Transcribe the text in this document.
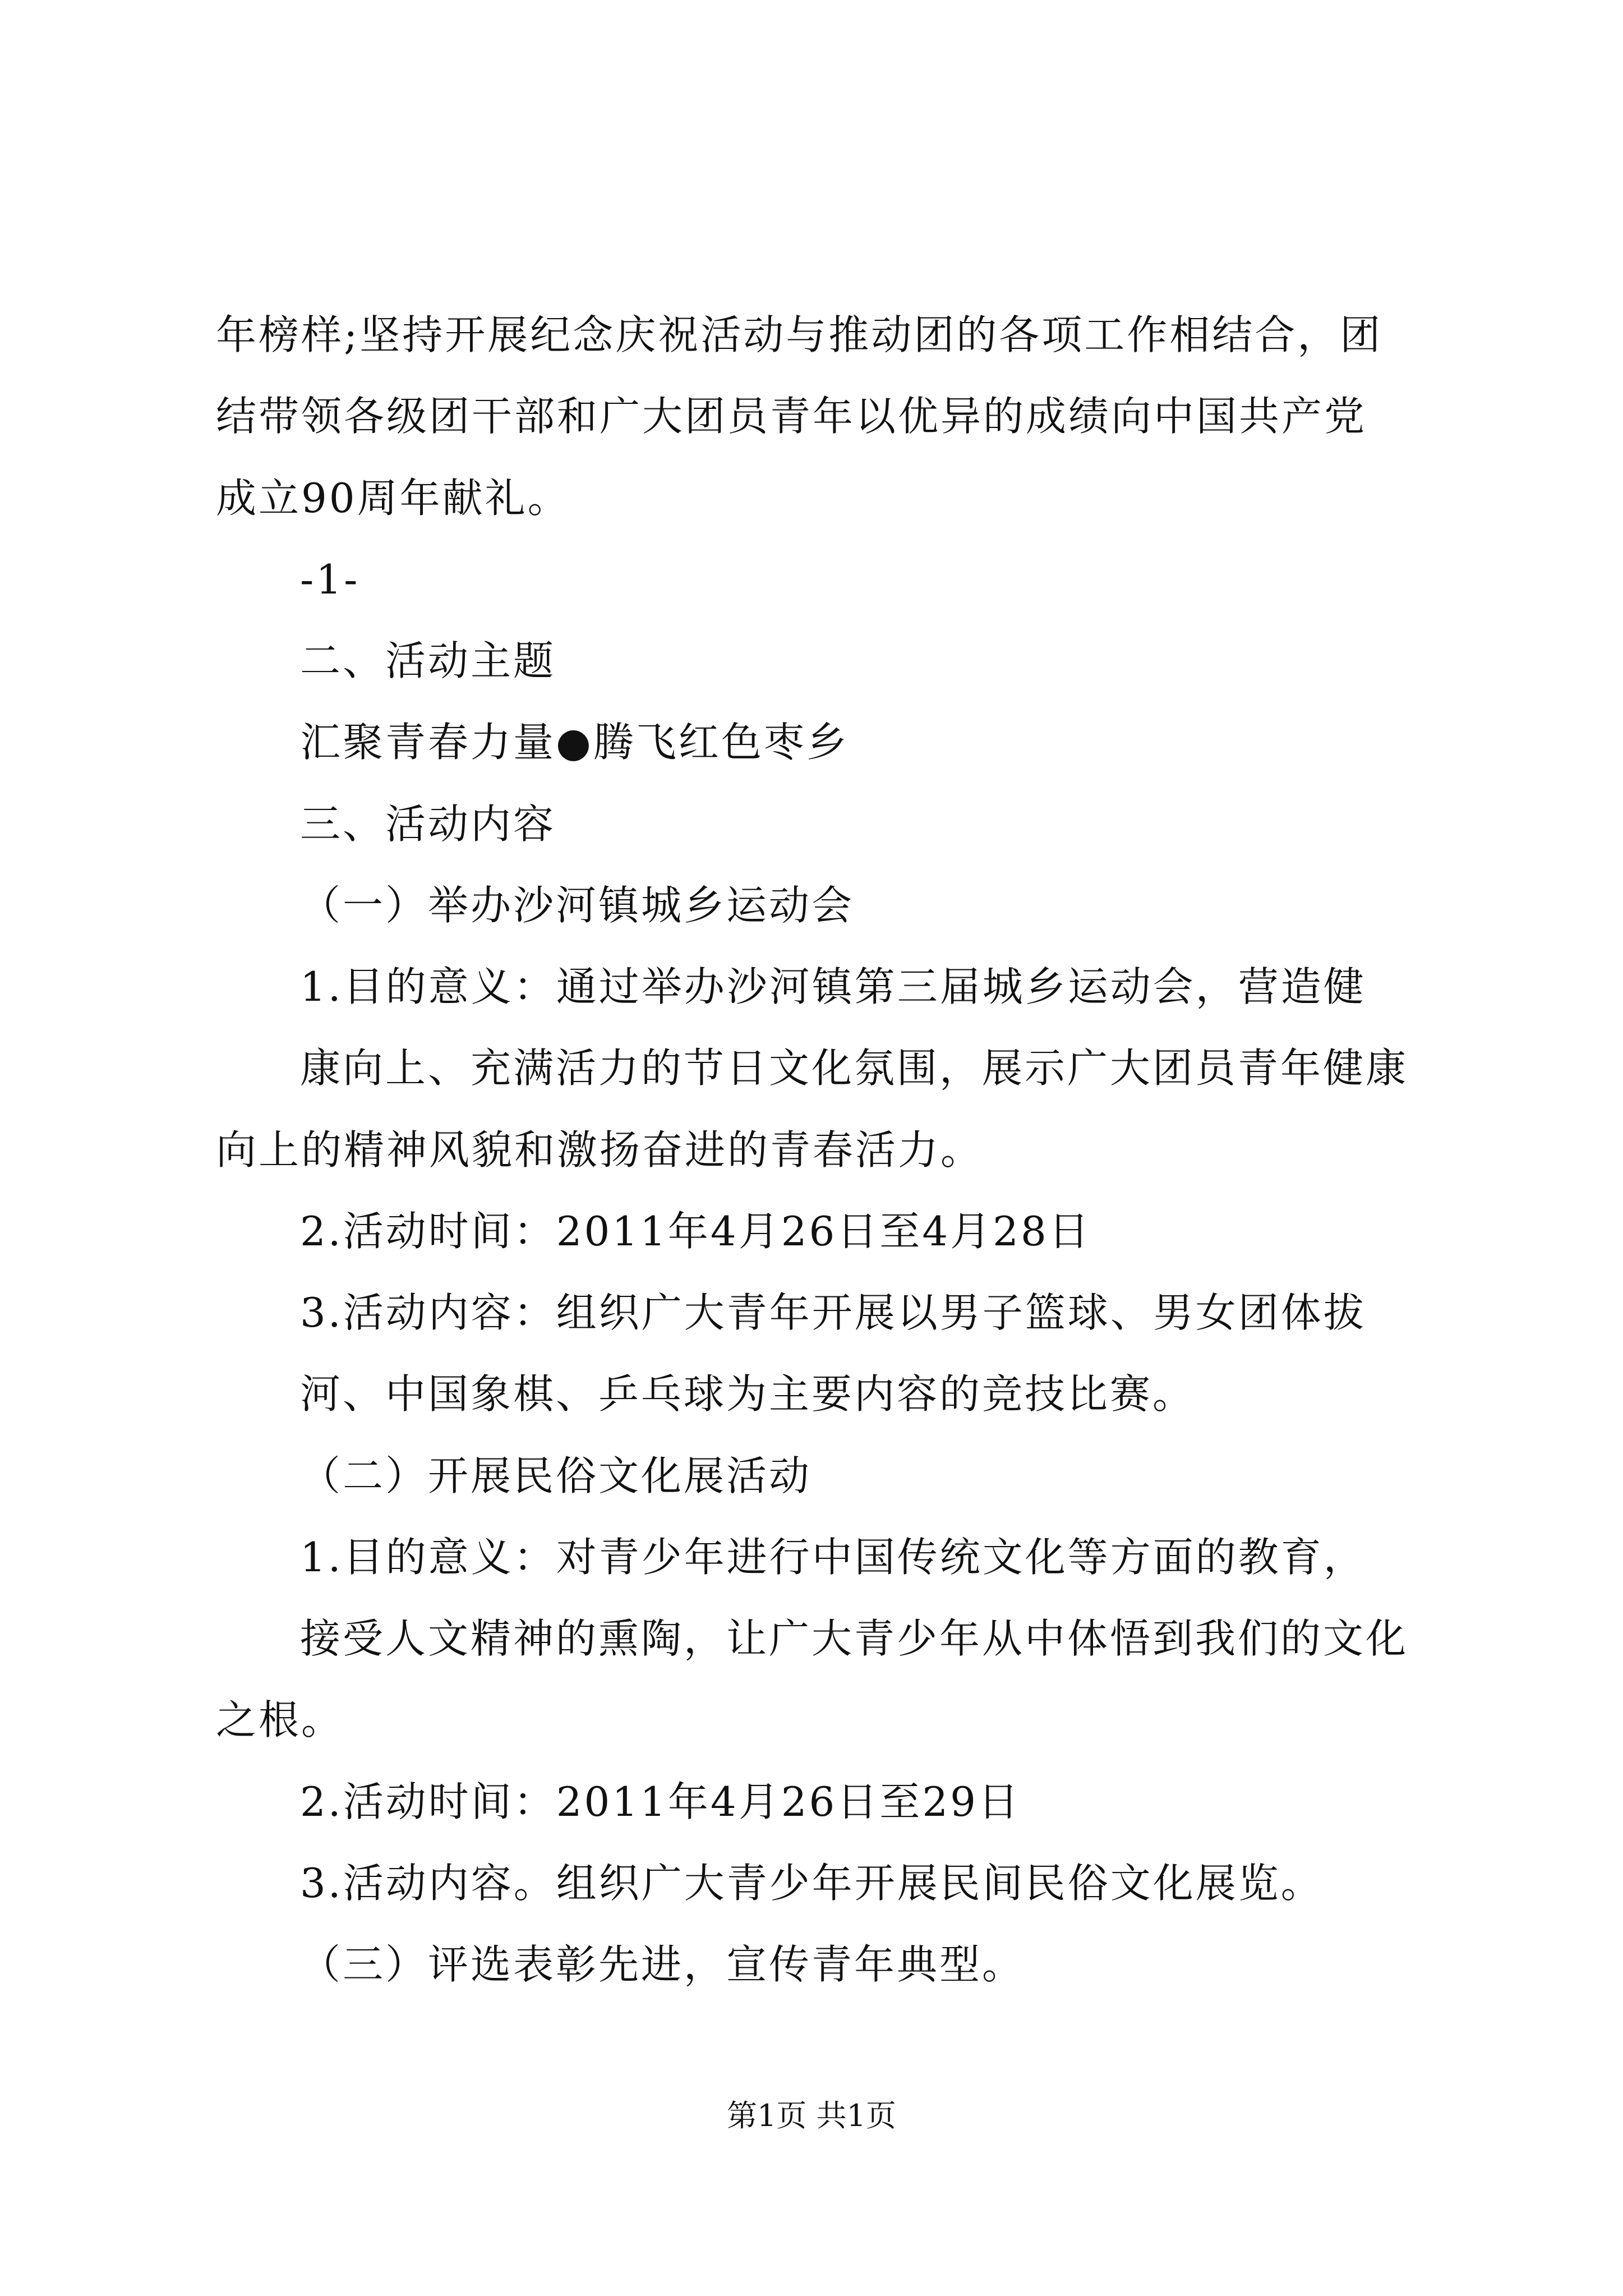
年榜样;坚持开展纪念庆祝活动与推动团的各项工作相结合，团
结带领各级团干部和广大团员青年以优异的成绩向中国共产党
成立90周年献礼。
-1-
二、活动主题
汇聚青春力量●腾飞红色枣乡
三、活动内容
（一）举办沙河镇城乡运动会
1.目的意义：通过举办沙河镇第三届城乡运动会，营造健
康向上、充满活力的节日文化氛围，展示广大团员青年健康
向上的精神风貌和激扬奋进的青春活力。
2.活动时间：2011年4月26日至4月28日
3.活动内容：组织广大青年开展以男子篮球、男女团体拔
河、中国象棋、乒乓球为主要内容的竞技比赛。
（二）开展民俗文化展活动
1.目的意义：对青少年进行中国传统文化等方面的教育，
接受人文精神的熏陶，让广大青少年从中体悟到我们的文化
之根。
2.活动时间：2011年4月26日至29日
3.活动内容。组织广大青少年开展民间民俗文化展览。
（三）评选表彰先进，宣传青年典型。
第1页 共1页
